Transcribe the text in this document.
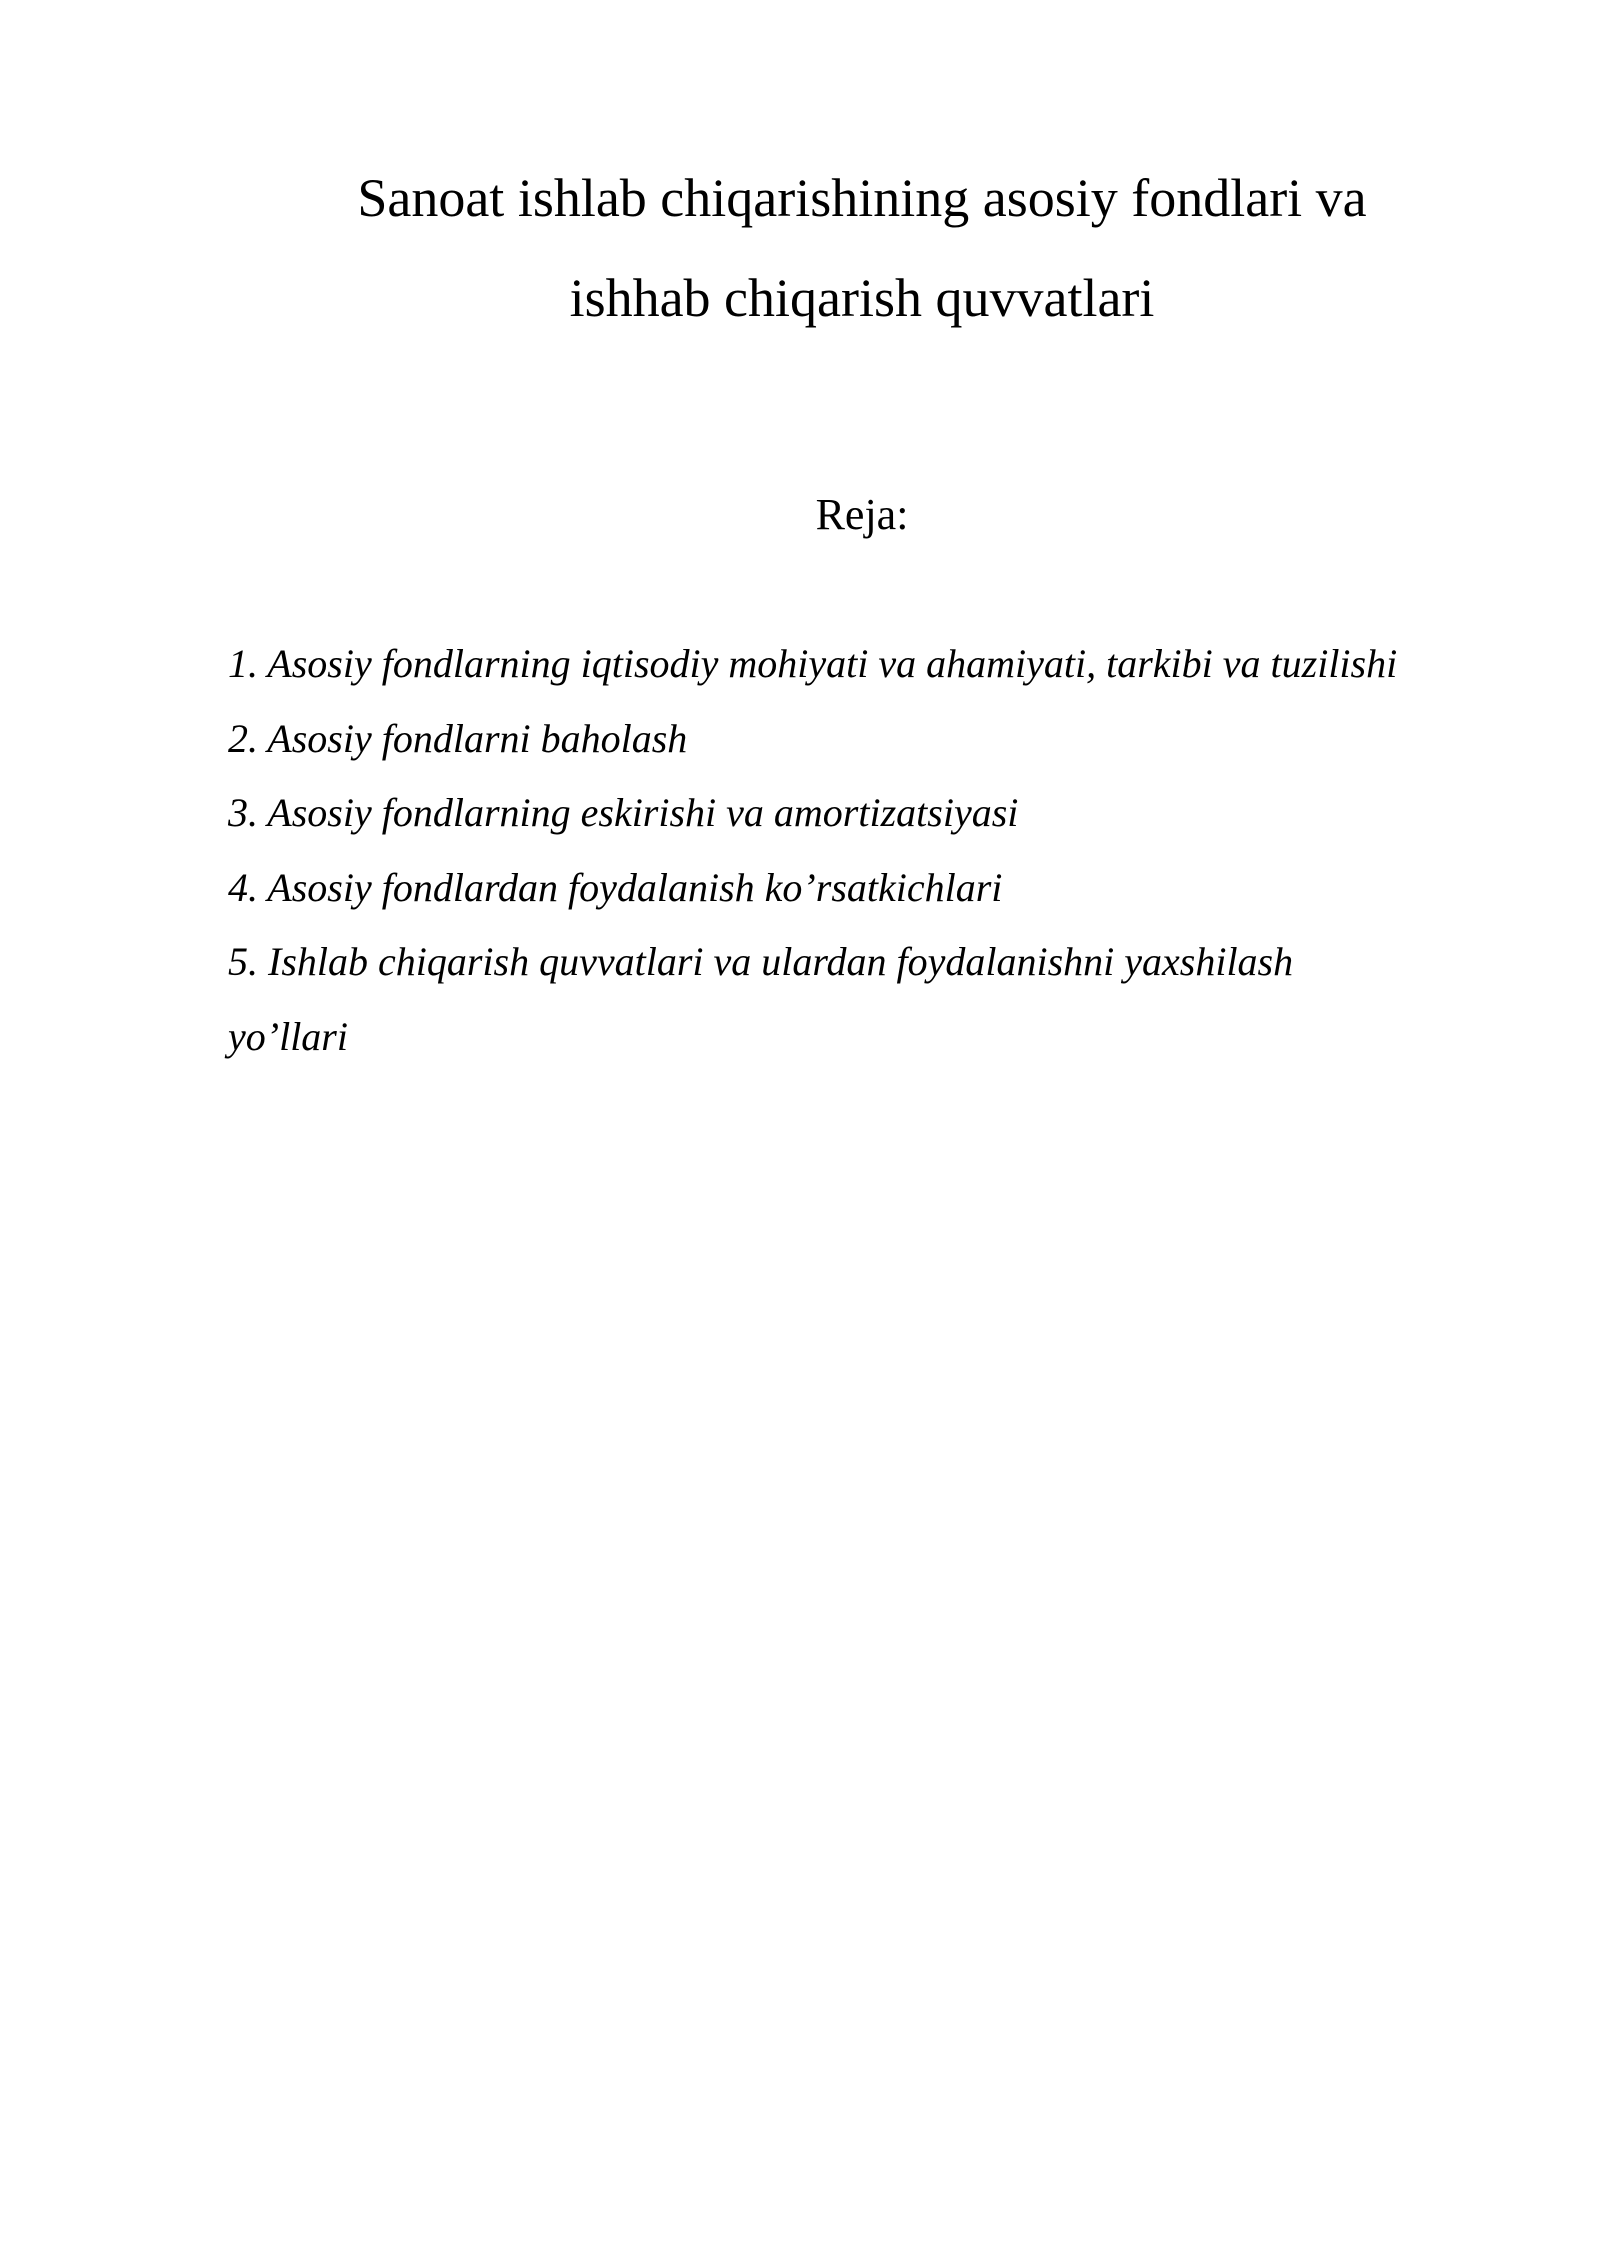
Sanoat ishlab chiqarishining asosiy fondlari va
ishhab chiqarish quvvatlari
Reja:
1. Asosiy fondlarning iqtisodiy mohiyati va ahamiyati, tarkibi va tuzilishi
2. Asosiy fondlarni baholash
3. Asosiy fondlarning eskirishi va amortizatsiyasi
4. Asosiy fondlardan foydalanish ko’rsatkichlari
5. Ishlab chiqarish quvvatlari va ulardan foydalanishni yaxshilash yo’llari
